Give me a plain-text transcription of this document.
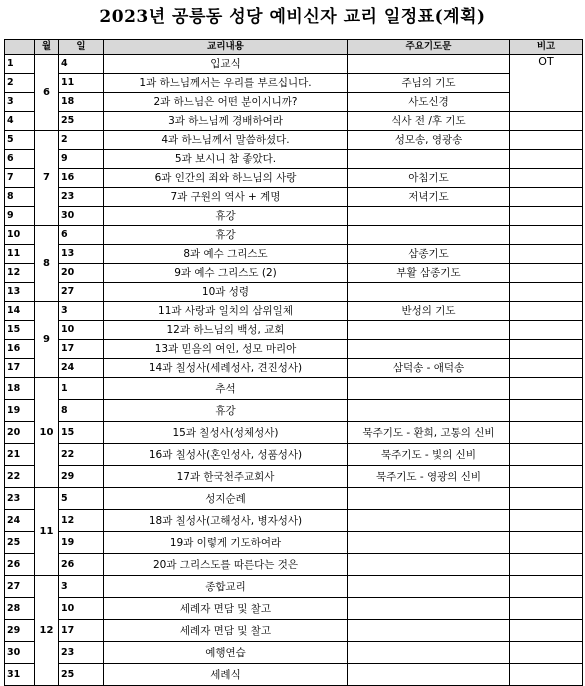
2023년 공릉동 성당 예비신자 교리 일정표(계획)
	월	일	교리내용	주요기도문	비고
1	6	4	입교식		OT
2		11	1과 하느님께서는 우리를 부르십니다.	주님의 기도	
3		18	2과 하느님은 어떤 분이시니까?	사도신경	
4		25	3과 하느님께 경배하여라	식사 전 /후 기도	
5	7	2	4과 하느님께서 말씀하셨다.	성모송, 영광송	
6		9	5과 보시니 참 좋았다.		
7		16	6과 인간의 죄와 하느님의 사랑	아침기도	
8		23	7과 구원의 역사 + 계명	저녁기도	
9		30	휴강		
10	8	6	휴강		
11		13	8과 예수 그리스도	삼종기도	
12		20	9과 예수 그리스도 (2)	부활 삼종기도	
13		27	10과 성령		
14	9	3	11과 사랑과 일치의 삼위일체	반성의 기도	
15		10	12과 하느님의 백성, 교회		
16		17	13과 믿음의 여인, 성모 마리아		
17		24	14과 칠성사(세례성사, 견진성사)	삼덕송 - 애덕송	
18	10	1	추석		
19		8	휴강		
20		15	15과 칠성사(성체성사)	묵주기도 - 환희, 고통의 신비	
21		22	16과 칠성사(혼인성사, 성품성사)	묵주기도 - 빛의 신비	
22		29	17과 한국천주교회사	묵주기도 - 영광의 신비	
23	11	5	성지순례		
24		12	18과 칠성사(고해성사, 병자성사)		
25		19	19과 이렇게 기도하여라		
26		26	20과 그리스도를 따른다는 것은		
27	12	3	종합교리		
28		10	세례자 면담 및 찰고		
29		17	세례자 면담 및 찰고		
30		23	예행연습		
31		25	세례식		
